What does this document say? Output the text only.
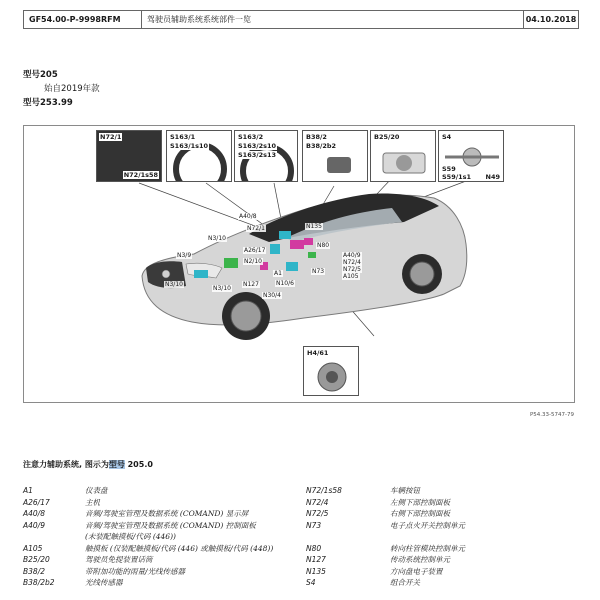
GF54.00-P-9998RFM	驾驶员辅助系统系统部件一览	04.10.2018
型号205
始自2019年款
型号253.99
N72/1
N72/1s58
S163/1
S163/1s10
S163/2
S163/2s10
S163/2s13
B38/2
B38/2b2
B25/20	S4
S59
S59/1s1 N49
H4/61
A40/8
N72/1	N135
N3/10
N80
N3/9
A26/17
N2/10
A40/9
N72/4
N72/5
A105
N73
N3/10	N127
A1
N10/6
N3/10
N30/4
P54.33-5747-79
注意力辅助系统, 图示为型号 205.0
A1	仪表盘
A26/17	主机
A40/8	音频/驾驶室管理及数据系统 (COMAND) 显示屏
A40/9	音频/驾驶室管理及数据系统 (COMAND) 控制面板
(未装配触摸板/代码 (446))
A105	触摸板 (仅装配触摸板/代码 (446) 或触摸板/代码 (448))
B25/20	驾驶员免提装置话筒
B38/2	带附加功能的雨量/光线传感器
B38/2b2	光线传感器
N72/1s58	车辆按钮
N72/4	左侧下部控制面板
N72/5	右侧下部控制面板
N73	电子点火开关控制单元

N80	转向柱管模块控制单元
N127	传动系统控制单元
N135	方向盘电子装置
S4	组合开关
